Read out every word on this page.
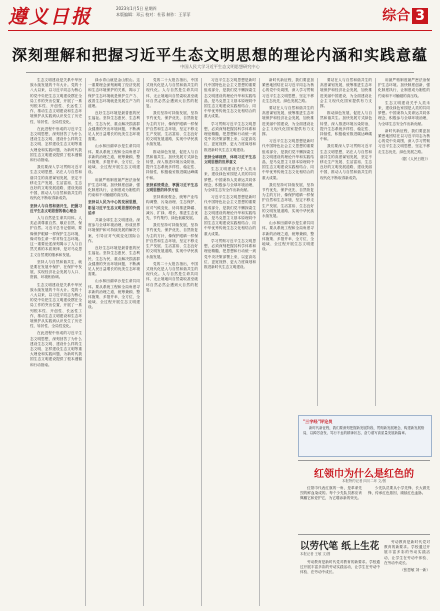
遵义日报	2023年1月5日 星期四
本版编辑：邓云 校对：杜蓉 制作：王菲菲	综合 3
深刻理解和把握习近平生态文明思想的理论内涵和实践意蕴
中国人民大学习近平生态文明思想研究中心

生态文明建设是关系中华民族永续发展的千年大计。党的十八大以来，以习近平同志为核心的党中央把生态文明建设摆在全局工作的突出位置，开展了一系列根本性、开创性、长远性工作，推动生态文明建设和生态环境保护从实践到认识发生了历史性、转折性、全局性变化。

在此进程中形成的习近平生态文明思想，深刻回答了为什么建设生态文明、建设什么样的生态文明、怎样建设生态文明等重大理论和实践问题，为新时代我国生态文明建设提供了根本遵循和行动指南。

我们要深入学习贯彻习近平生态文明思想，站在人与自然和谐共生的高度谋划发展，坚定不移走生产发展、生活富裕、生态良好的文明发展道路，建设美丽中国，推动人与自然和谐共生的现代化不断取得新成效。

坚持人与自然和谐共生，把握习近平生态文明思想的核心理念

人与自然是生命共同体。人类必须尊重自然、顺应自然、保护自然。习近平总书记强调，要像保护眼睛一样保护生态环境，像对待生命一样对待生态环境。这一重要论述深刻揭示了人与自然关系的本质规律，是对马克思主义自然观的继承和发展。

坚持人与自然和谐共生，就是要在发展中保护、在保护中发展，实现经济社会发展与人口、资源、环境相协调。

生态文明建设是关系中华民族永续发展的千年大计。党的十八大以来，以习近平同志为核心的党中央把生态文明建设摆在全局工作的突出位置，开展了一系列根本性、开创性、长远性工作，推动生态文明建设和生态环境保护从实践到认识发生了历史性、转折性、全局性变化。

在此进程中形成的习近平生态文明思想，深刻回答了为什么建设生态文明、建设什么样的生态文明、怎样建设生态文明等重大理论和实践问题，为新时代我国生态文明建设提供了根本遵循和行动指南。

绿水青山就是金山银山。这一重要理念深刻阐明了经济发展和生态环境保护的关系，揭示了保护生态环境就是保护生产力、改善生态环境就是发展生产力的道理。

良好生态环境是最普惠的民生福祉。坚持生态惠民、生态利民、生态为民，重点解决损害群众健康的突出环境问题，不断满足人民日益增长的优美生态环境需要。

山水林田湖草沙是生命共同体。要从系统工程和全局角度寻求新的治理之道，统筹兼顾、整体施策、多措并举，全方位、全地域、全过程开展生态文明建设。

用最严格制度最严密法治保护生态环境。加快制度创新，强化制度执行，让制度成为刚性的约束和不可触碰的高压线。

坚持以人民为中心的发展思想，彰显习近平生态文明思想的价值追求

共谋全球生态文明建设。深度参与全球环境治理，形成世界环境保护和可持续发展的解决方案，引导应对气候变化国际合作。

良好生态环境是最普惠的民生福祉。坚持生态惠民、生态利民、生态为民，重点解决损害群众健康的突出环境问题，不断满足人民日益增长的优美生态环境需要。

山水林田湖草沙是生命共同体。要从系统工程和全局角度寻求新的治理之道，统筹兼顾、整体施策、多措并举，全方位、全地域、全过程开展生态文明建设。

党的二十大报告指出，中国式现代化是人与自然和谐共生的现代化。人与自然是生命共同体，无止境地向自然索取甚至破坏自然必然会遭到大自然的报复。

我们坚持可持续发展，坚持节约优先、保护优先、自然恢复为主的方针，像保护眼睛一样保护自然和生态环境，坚定不移走生产发展、生活富裕、生态良好的文明发展道路，实现中华民族永续发展。

推动绿色发展，促进人与自然和谐共生。加快发展方式绿色转型，深入推进环境污染防治，提升生态系统多样性、稳定性、持续性，积极稳妥推进碳达峰碳中和。

坚持系统观念，掌握习近平生态文明思想的科学方法

坚持系统观念，统筹产业结构调整、污染治理、生态保护、应对气候变化，协同推进降碳、减污、扩绿、增长，推进生态优先、节约集约、绿色低碳发展。

我们坚持可持续发展，坚持节约优先、保护优先、自然恢复为主的方针，像保护眼睛一样保护自然和生态环境，坚定不移走生产发展、生活富裕、生态良好的文明发展道路，实现中华民族永续发展。

党的二十大报告指出，中国式现代化是人与自然和谐共生的现代化。人与自然是生命共同体，无止境地向自然索取甚至破坏自然必然会遭到大自然的报复。

习近平生态文明思想是新时代中国特色社会主义思想的重要组成部分，是我们党不懈探索生态文明建设的理论升华和实践结晶，是马克思主义基本原理同中国生态文明建设实践相结合、同中华优秀传统生态文化相结合的重大成果。

学习贯彻习近平生态文明思想，必须深刻把握其科学体系和理论精髓，把思想和行动统一到党中央决策部署上来，以更高站位、更宽视野、更大力度谋划和推进新时代生态文明建设。

坚持全球视野，体现习近平生态文明思想的世界意义

生态文明建设关乎人类未来，建设绿色家园是人类的共同梦想。中国秉持人类命运共同体理念，积极参与全球环境治理，为全球生态安全作出新贡献。

习近平生态文明思想是新时代中国特色社会主义思想的重要组成部分，是我们党不懈探索生态文明建设的理论升华和实践结晶，是马克思主义基本原理同中国生态文明建设实践相结合、同中华优秀传统生态文化相结合的重大成果。

学习贯彻习近平生态文明思想，必须深刻把握其科学体系和理论精髓，把思想和行动统一到党中央决策部署上来，以更高站位、更宽视野、更大力度谋划和推进新时代生态文明建设。

新时代新征程，我们要更加紧密地团结在以习近平同志为核心的党中央周围，深入学习贯彻习近平生态文明思想，坚定不移走生态优先、绿色发展之路。

要站在人与自然和谐共生的高度谋划发展，统筹推进生态环境保护和经济社会发展，加快推进美丽中国建设，为全面建设社会主义现代化国家提供有力支撑。

习近平生态文明思想是新时代中国特色社会主义思想的重要组成部分，是我们党不懈探索生态文明建设的理论升华和实践结晶，是马克思主义基本原理同中国生态文明建设实践相结合、同中华优秀传统生态文化相结合的重大成果。

我们坚持可持续发展，坚持节约优先、保护优先、自然恢复为主的方针，像保护眼睛一样保护自然和生态环境，坚定不移走生产发展、生活富裕、生态良好的文明发展道路，实现中华民族永续发展。

山水林田湖草沙是生命共同体。要从系统工程和全局角度寻求新的治理之道，统筹兼顾、整体施策、多措并举，全方位、全地域、全过程开展生态文明建设。

要站在人与自然和谐共生的高度谋划发展，统筹推进生态环境保护和经济社会发展，加快推进美丽中国建设，为全面建设社会主义现代化国家提供有力支撑。

推动绿色发展，促进人与自然和谐共生。加快发展方式绿色转型，深入推进环境污染防治，提升生态系统多样性、稳定性、持续性，积极稳妥推进碳达峰碳中和。

我们要深入学习贯彻习近平生态文明思想，站在人与自然和谐共生的高度谋划发展，坚定不移走生产发展、生活富裕、生态良好的文明发展道路，建设美丽中国，推动人与自然和谐共生的现代化不断取得新成效。

用最严格制度最严密法治保护生态环境。加快制度创新，强化制度执行，让制度成为刚性的约束和不可触碰的高压线。

生态文明建设关乎人类未来，建设绿色家园是人类的共同梦想。中国秉持人类命运共同体理念，积极参与全球环境治理，为全球生态安全作出新贡献。

新时代新征程，我们要更加紧密地团结在以习近平同志为核心的党中央周围，深入学习贯彻习近平生态文明思想，坚定不移走生态优先、绿色发展之路。

（据《人民日报》）

"三字经"评论员
新时代新征程，我们要深刻把握新发展阶段、贯彻新发展理念、构建新发展格局，以踔厉奋发、笃行不怠的精神状态，奋力谱写高质量发展新篇章。
红领巾为什么是红色的
本报特约记者 四川二环 文/图

红领巾代表红旗的一角，是革命先烈的鲜血染成的。每个少先队员都应该佩戴它和爱护它，为它增添新的荣光。

少先队员要从小学先锋、长大做先锋，传承红色基因，赓续红色血脉。

以劳代笔 纸上生花
本报记者 王敏 文/图

劳动教育是新时代党对教育的新要求。学校通过开展丰富多彩的劳动实践活动，让学生在劳动中体验、在劳动中成长。

劳动教育是新时代党对教育的新要求。学校通过开展丰富多彩的劳动实践活动，让学生在劳动中体验、在劳动中成长。

（张思敏 刘一新）
